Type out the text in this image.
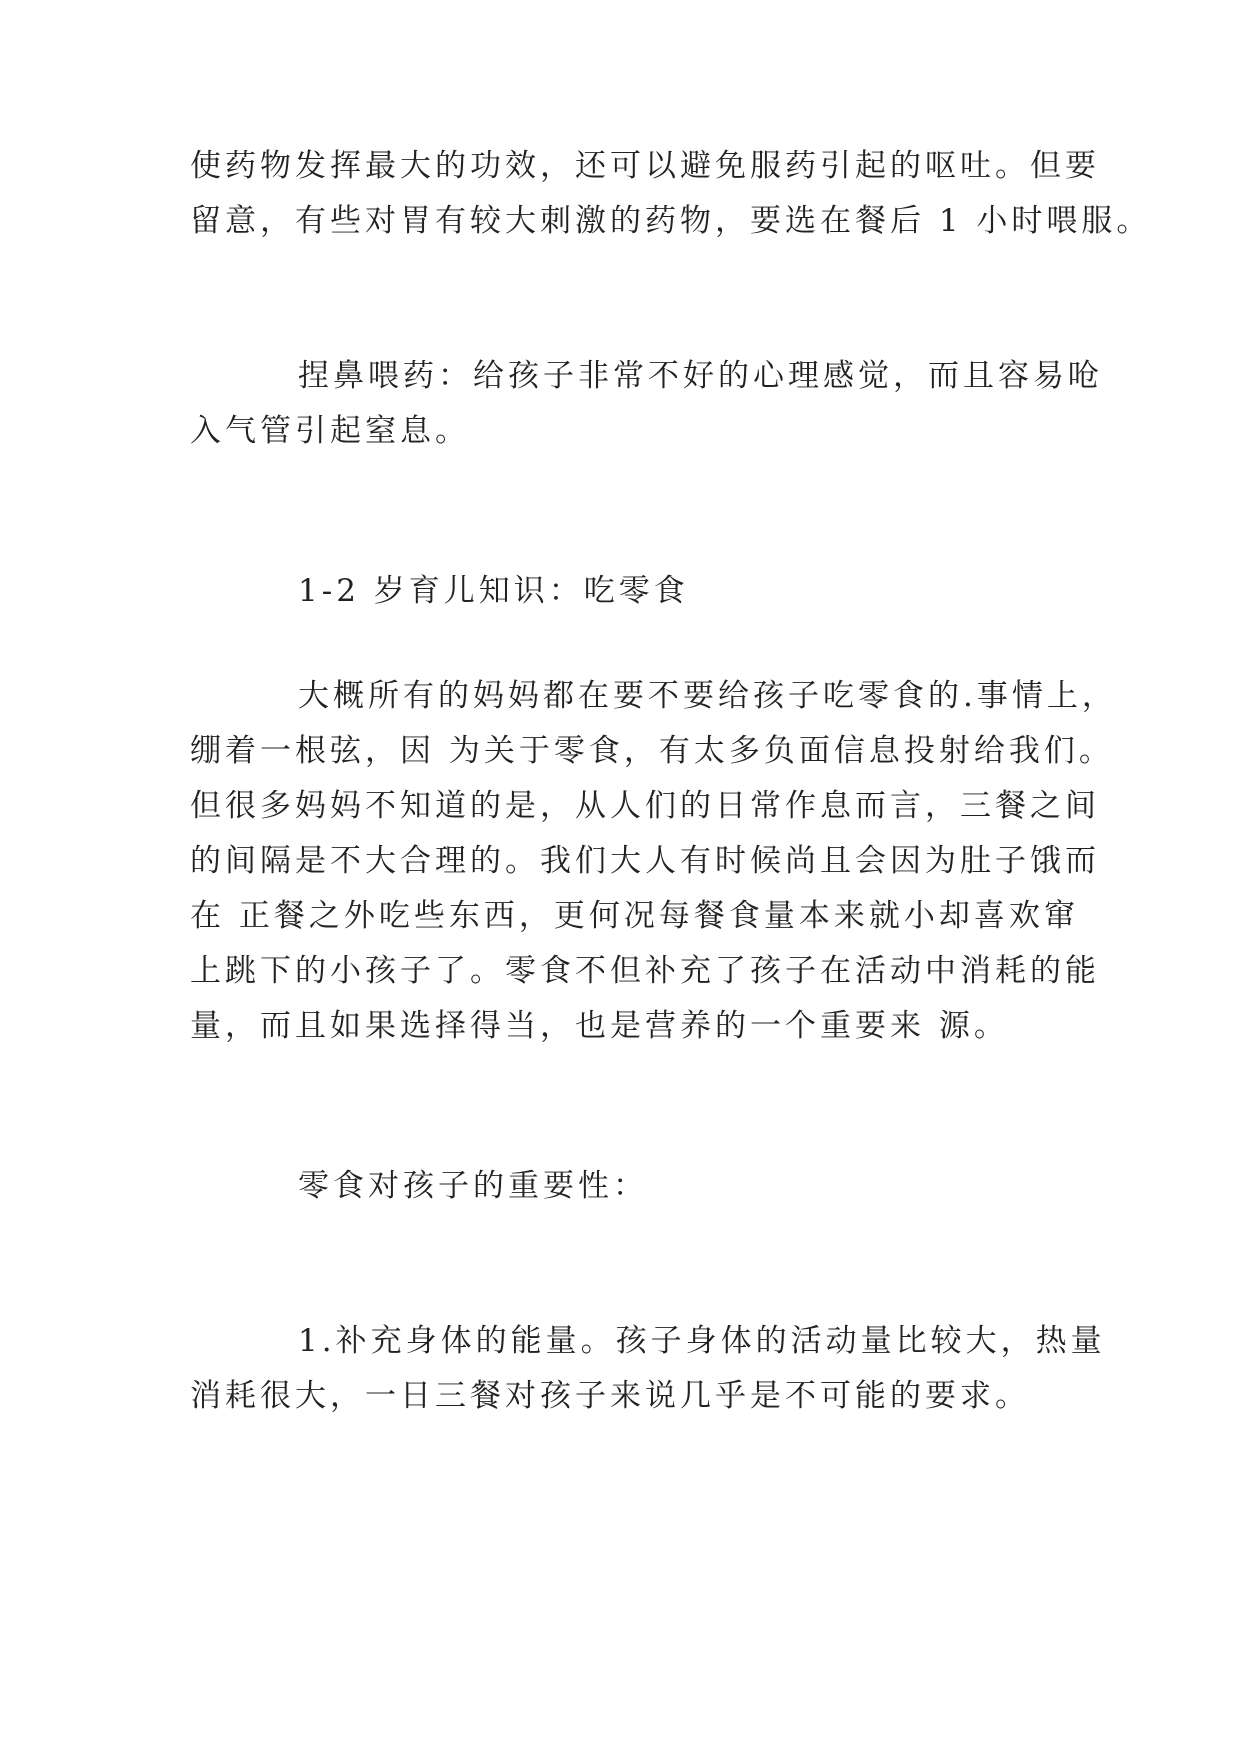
使药物发挥最大的功效，还可以避免服药引起的呕吐。但要

留意，有些对胃有较大刺激的药物，要选在餐后 1 小时喂服。

捏鼻喂药：给孩子非常不好的心理感觉，而且容易呛

入气管引起窒息。

1-2 岁育儿知识：吃零食

大概所有的妈妈都在要不要给孩子吃零食的.事情上，

绷着一根弦，因 为关于零食，有太多负面信息投射给我们。

但很多妈妈不知道的是，从人们的日常作息而言，三餐之间

的间隔是不大合理的。我们大人有时候尚且会因为肚子饿而

在 正餐之外吃些东西，更何况每餐食量本来就小却喜欢窜

上跳下的小孩子了。零食不但补充了孩子在活动中消耗的能

量，而且如果选择得当，也是营养的一个重要来 源。

零食对孩子的重要性：

1.补充身体的能量。孩子身体的活动量比较大，热量

消耗很大，一日三餐对孩子来说几乎是不可能的要求。
